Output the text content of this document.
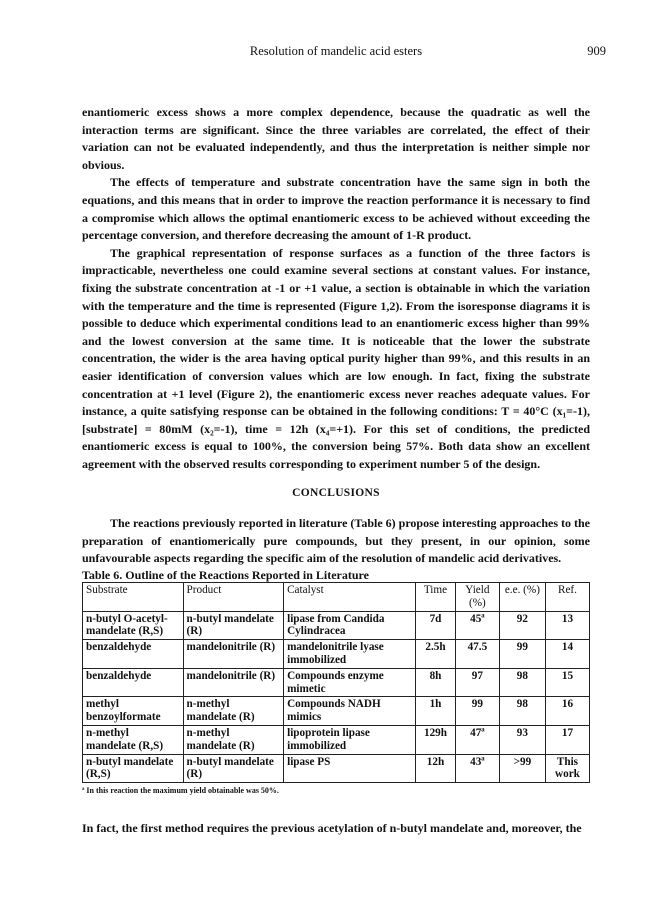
Resolution of mandelic acid esters	909

enantiomeric excess shows a more complex dependence, because the quadratic as well the interaction terms are significant. Since the three variables are correlated, the effect of their variation can not be evaluated independently, and thus the interpretation is neither simple nor obvious.

The effects of temperature and substrate concentration have the same sign in both the equations, and this means that in order to improve the reaction performance it is necessary to find a compromise which allows the optimal enantiomeric excess to be achieved without exceeding the percentage conversion, and therefore decreasing the amount of 1-R product.

The graphical representation of response surfaces as a function of the three factors is impracticable, nevertheless one could examine several sections at constant values. For instance, fixing the substrate concentration at -1 or +1 value, a section is obtainable in which the variation with the temperature and the time is represented (Figure 1,2). From the isoresponse diagrams it is possible to deduce which experimental conditions lead to an enantiomeric excess higher than 99% and the lowest conversion at the same time. It is noticeable that the lower the substrate concentration, the wider is the area having optical purity higher than 99%, and this results in an easier identification of conversion values which are low enough. In fact, fixing the substrate concentration at +1 level (Figure 2), the enantiomeric excess never reaches adequate values. For instance, a quite satisfying response can be obtained in the following conditions: T = 40°C (x₁=-1), [substrate] = 80mM (x₂=-1), time = 12h (x₄=+1). For this set of conditions, the predicted enantiomeric excess is equal to 100%, the conversion being 57%. Both data show an excellent agreement with the observed results corresponding to experiment number 5 of the design.

CONCLUSIONS

The reactions previously reported in literature (Table 6) propose interesting approaches to the preparation of enantiomerically pure compounds, but they present, in our opinion, some unfavourable aspects regarding the specific aim of the resolution of mandelic acid derivatives.

Table 6. Outline of the Reactions Reported in Literature
Substrate	Product	Catalyst	Time	Yield (%)	e.e. (%)	Ref.
n-butyl O-acetyl-mandelate (R,S)	n-butyl mandelate (R)	lipase from Candida Cylindracea	7d	45ª	92	13
benzaldehyde	mandelonitrile (R)	mandelonitrile lyase immobilized	2.5h	47.5	99	14
benzaldehyde	mandelonitrile (R)	Compounds enzyme mimetic	8h	97	98	15
methyl benzoylformate	n-methyl mandelate (R)	Compounds NADH mimics	1h	99	98	16
n-methyl mandelate (R,S)	n-methyl mandelate (R)	lipoprotein lipase immobilized	129h	47ª	93	17
n-butyl mandelate (R,S)	n-butyl mandelate (R)	lipase PS	12h	43ª	>99	This work
ª In this reaction the maximum yield obtainable was 50%.
In fact, the first method requires the previous acetylation of n-butyl mandelate and, moreover, the
